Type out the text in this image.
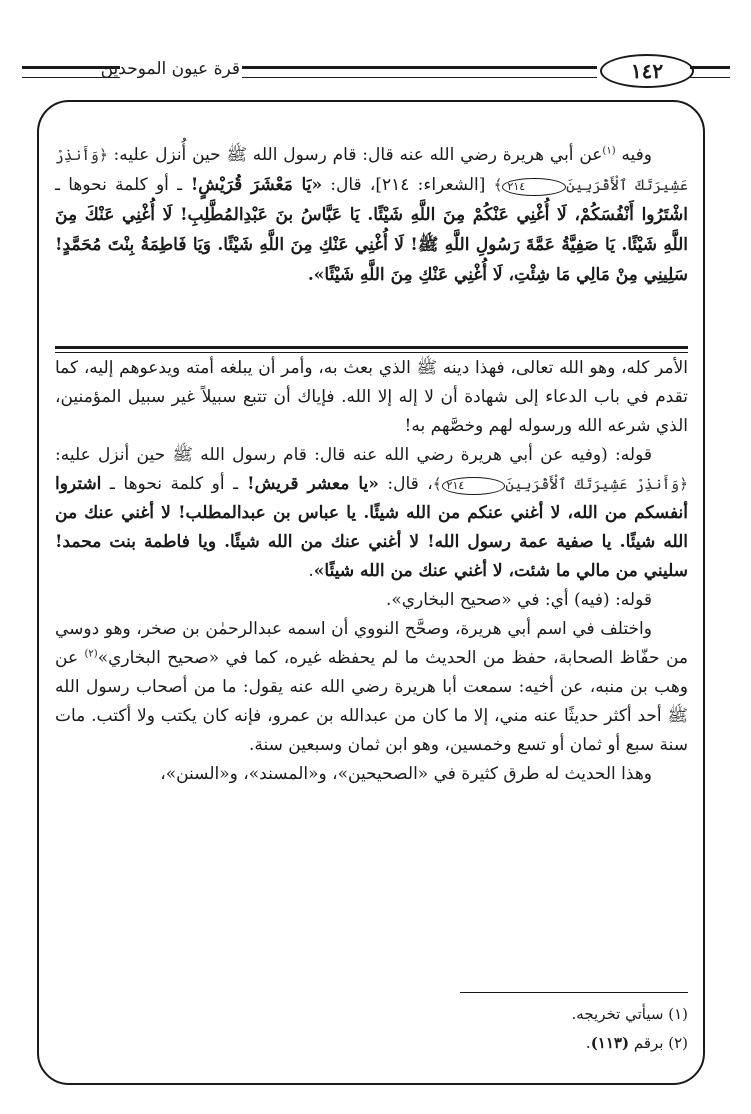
قرة عيون الموحدين	١٤٢

وفيه $^{(١)}$عن أبي هريرة رضي الله عنه قال: قام رسول الله ﷺ حين أُنزل عليه: ﴿وَأَنذِرْ عَشِيرَتَكَ ٱلْأَقْرَبِينَ٢١٤﴾ [الشعراء: ٢١٤]، قال: «يَا مَعْشَرَ قُرَيْشٍ! ـ أو كلمة نحوها ـ اشْتَرُوا أَنْفُسَكُمْ، لَا أُغْنِي عَنْكُمْ مِنَ اللَّهِ شَيْئًا. يَا عَبَّاسُ بنَ عَبْدِالمُطَّلِبِ! لَا أُغْنِي عَنْكَ مِنَ اللَّهِ شَيْئًا. يَا صَفِيَّةُ عَمَّةَ رَسُولِ اللَّهِ ﷺ! لَا أُغْنِي عَنْكِ مِنَ اللَّهِ شَيْئًا. وَيَا فَاطِمَةُ بِنْتَ مُحَمَّدٍ! سَلِينِي مِنْ مَالِي مَا شِئْتِ، لَا أُغْنِي عَنْكِ مِنَ اللَّهِ شَيْئًا».

الأمر كله، وهو الله تعالى، فهذا دينه ﷺ الذي بعث به، وأمر أن يبلغه أمته ويدعوهم إليه، كما تقدم في باب الدعاء إلى شهادة أن لا إله إلا الله. فإياك أن تتبع سبيلاً غير سبيل المؤمنين، الذي شرعه الله ورسوله لهم وخصَّهم به!

قوله: (وفيه عن أبي هريرة رضي الله عنه قال: قام رسول الله ﷺ حين أنزل عليه: ﴿وَأَنذِرْ عَشِيرَتَكَ ٱلْأَقْرَبِينَ٢١٤﴾، قال: «يا معشر قريش! ـ أو كلمة نحوها ـ اشتروا أنفسكم من الله، لا أغني عنكم من الله شيئًا. يا عباس بن عبدالمطلب! لا أغني عنك من الله شيئًا. يا صفية عمة رسول الله! لا أغني عنك من الله شيئًا. ويا فاطمة بنت محمد! سليني من مالي ما شئت، لا أغني عنك من الله شيئًا».

قوله: (فيه) أي: في «صحيح البخاري».

واختلف في اسم أبي هريرة، وصحَّح النووي أن اسمه عبدالرحمٰن بن صخر، وهو دوسي من حفّاظ الصحابة، حفظ من الحديث ما لم يحفظه غيره، كما في «صحيح البخاري»$^{(٢)}$ عن وهب بن منبه، عن أخيه: سمعت أبا هريرة رضي الله عنه يقول: ما من أصحاب رسول الله ﷺ أحد أكثر حديثًا عنه مني، إلا ما كان من عبدالله بن عمرو، فإنه كان يكتب ولا أكتب. مات سنة سبع أو ثمان أو تسع وخمسين، وهو ابن ثمان وسبعين سنة.

وهذا الحديث له طرق كثيرة في «الصحيحين»، و«المسند»، و«السنن»،

(١) سيأتي تخريجه.

(٢) برقم (١١٣).
